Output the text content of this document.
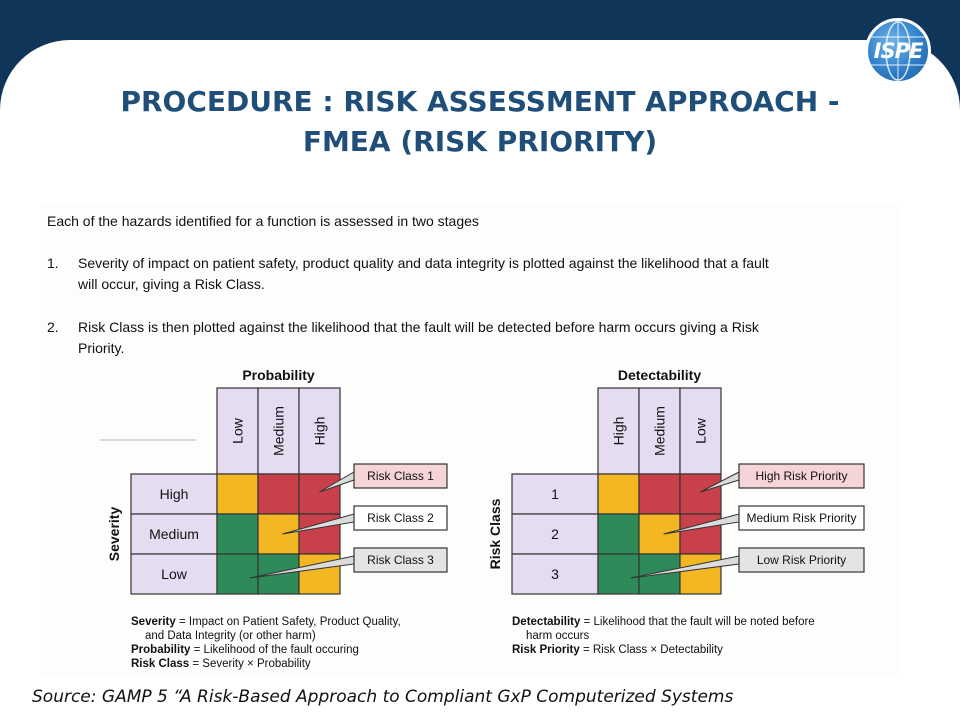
ISPE
PROCEDURE : RISK ASSESSMENT APPROACH -
FMEA (RISK PRIORITY)
Each of the hazards identified for a function is assessed in two stages
1. Severity of impact on patient safety, product quality and data integrity is plotted against the likelihood that a fault
will occur, giving a Risk Class.
2. Risk Class is then plotted against the likelihood that the fault will be detected before harm occurs giving a Risk
Priority.
Probability
Low Medium High
High
Medium
Low
Severity
Risk Class 1
Risk Class 2
Risk Class 3
Severity = Impact on Patient Safety, Product Quality,
and Data Integrity (or other harm)
Probability = Likelihood of the fault occuring
Risk Class = Severity × Probability
Detectability
High Medium Low
1
2
3
Risk Class
High Risk Priority
Medium Risk Priority
Low Risk Priority
Detectability = Likelihood that the fault will be noted before
harm occurs
Risk Priority = Risk Class × Detectability
Source: GAMP 5 “A Risk-Based Approach to Compliant GxP Computerized Systems
